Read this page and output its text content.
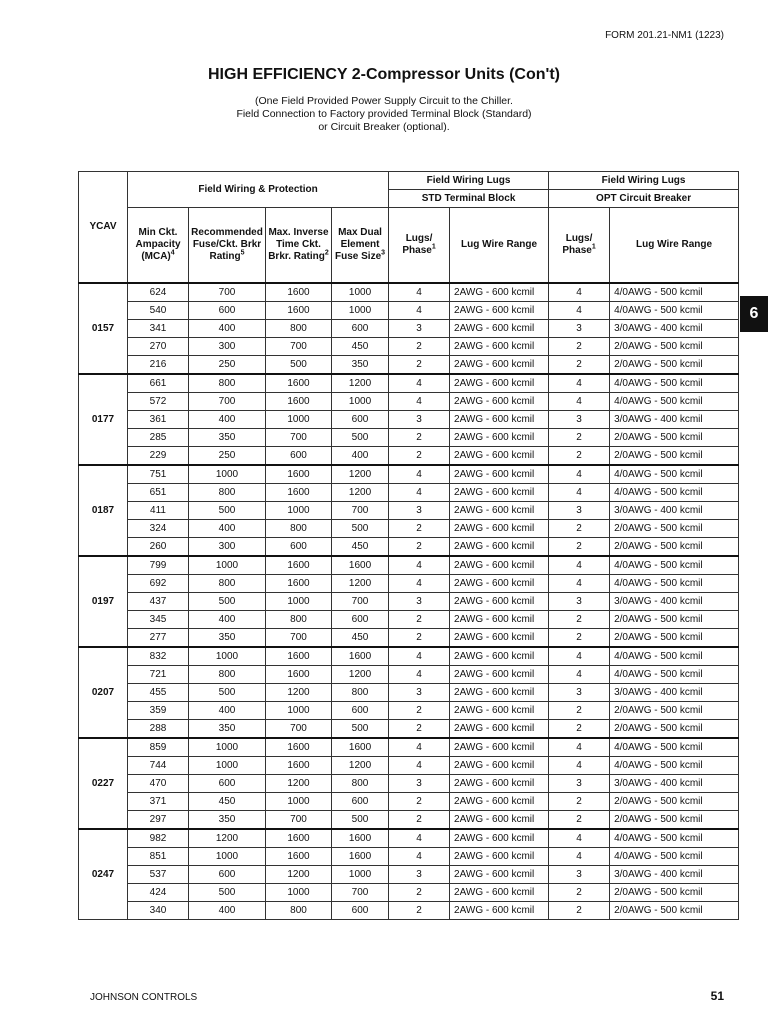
FORM 201.21-NM1 (1223)
HIGH EFFICIENCY 2-Compressor Units (Con't)
(One Field Provided Power Supply Circuit to the Chiller.
Field Connection to Factory provided Terminal Block (Standard)
or Circuit Breaker (optional).
6
YCAV	Field Wiring & Protection				Field Wiring Lugs		Field Wiring Lugs	
					STD Terminal Block		OPT Circuit Breaker	
	Min Ckt. Ampacity (MCA)$^4$	Recommended Fuse/Ckt. Brkr Rating$^5$	Max. Inverse Time Ckt. Brkr. Rating$^2$	Max Dual Element Fuse Size$^3$	Lugs/ Phase$^1$	Lug Wire Range	Lugs/ Phase$^1$	Lug Wire Range
0157	624	700	1600	1000	4	2AWG - 600 kcmil	4	4/0AWG - 500 kcmil
	540	600	1600	1000	4	2AWG - 600 kcmil	4	4/0AWG - 500 kcmil
	341	400	800	600	3	2AWG - 600 kcmil	3	3/0AWG - 400 kcmil
	270	300	700	450	2	2AWG - 600 kcmil	2	2/0AWG - 500 kcmil
	216	250	500	350	2	2AWG - 600 kcmil	2	2/0AWG - 500 kcmil
0177	661	800	1600	1200	4	2AWG - 600 kcmil	4	4/0AWG - 500 kcmil
	572	700	1600	1000	4	2AWG - 600 kcmil	4	4/0AWG - 500 kcmil
	361	400	1000	600	3	2AWG - 600 kcmil	3	3/0AWG - 400 kcmil
	285	350	700	500	2	2AWG - 600 kcmil	2	2/0AWG - 500 kcmil
	229	250	600	400	2	2AWG - 600 kcmil	2	2/0AWG - 500 kcmil
0187	751	1000	1600	1200	4	2AWG - 600 kcmil	4	4/0AWG - 500 kcmil
	651	800	1600	1200	4	2AWG - 600 kcmil	4	4/0AWG - 500 kcmil
	411	500	1000	700	3	2AWG - 600 kcmil	3	3/0AWG - 400 kcmil
	324	400	800	500	2	2AWG - 600 kcmil	2	2/0AWG - 500 kcmil
	260	300	600	450	2	2AWG - 600 kcmil	2	2/0AWG - 500 kcmil
0197	799	1000	1600	1600	4	2AWG - 600 kcmil	4	4/0AWG - 500 kcmil
	692	800	1600	1200	4	2AWG - 600 kcmil	4	4/0AWG - 500 kcmil
	437	500	1000	700	3	2AWG - 600 kcmil	3	3/0AWG - 400 kcmil
	345	400	800	600	2	2AWG - 600 kcmil	2	2/0AWG - 500 kcmil
	277	350	700	450	2	2AWG - 600 kcmil	2	2/0AWG - 500 kcmil
0207	832	1000	1600	1600	4	2AWG - 600 kcmil	4	4/0AWG - 500 kcmil
	721	800	1600	1200	4	2AWG - 600 kcmil	4	4/0AWG - 500 kcmil
	455	500	1200	800	3	2AWG - 600 kcmil	3	3/0AWG - 400 kcmil
	359	400	1000	600	2	2AWG - 600 kcmil	2	2/0AWG - 500 kcmil
	288	350	700	500	2	2AWG - 600 kcmil	2	2/0AWG - 500 kcmil
0227	859	1000	1600	1600	4	2AWG - 600 kcmil	4	4/0AWG - 500 kcmil
	744	1000	1600	1200	4	2AWG - 600 kcmil	4	4/0AWG - 500 kcmil
	470	600	1200	800	3	2AWG - 600 kcmil	3	3/0AWG - 400 kcmil
	371	450	1000	600	2	2AWG - 600 kcmil	2	2/0AWG - 500 kcmil
	297	350	700	500	2	2AWG - 600 kcmil	2	2/0AWG - 500 kcmil
0247	982	1200	1600	1600	4	2AWG - 600 kcmil	4	4/0AWG - 500 kcmil
	851	1000	1600	1600	4	2AWG - 600 kcmil	4	4/0AWG - 500 kcmil
	537	600	1200	1000	3	2AWG - 600 kcmil	3	3/0AWG - 400 kcmil
	424	500	1000	700	2	2AWG - 600 kcmil	2	2/0AWG - 500 kcmil
	340	400	800	600	2	2AWG - 600 kcmil	2	2/0AWG - 500 kcmil
JOHNSON CONTROLS	51
